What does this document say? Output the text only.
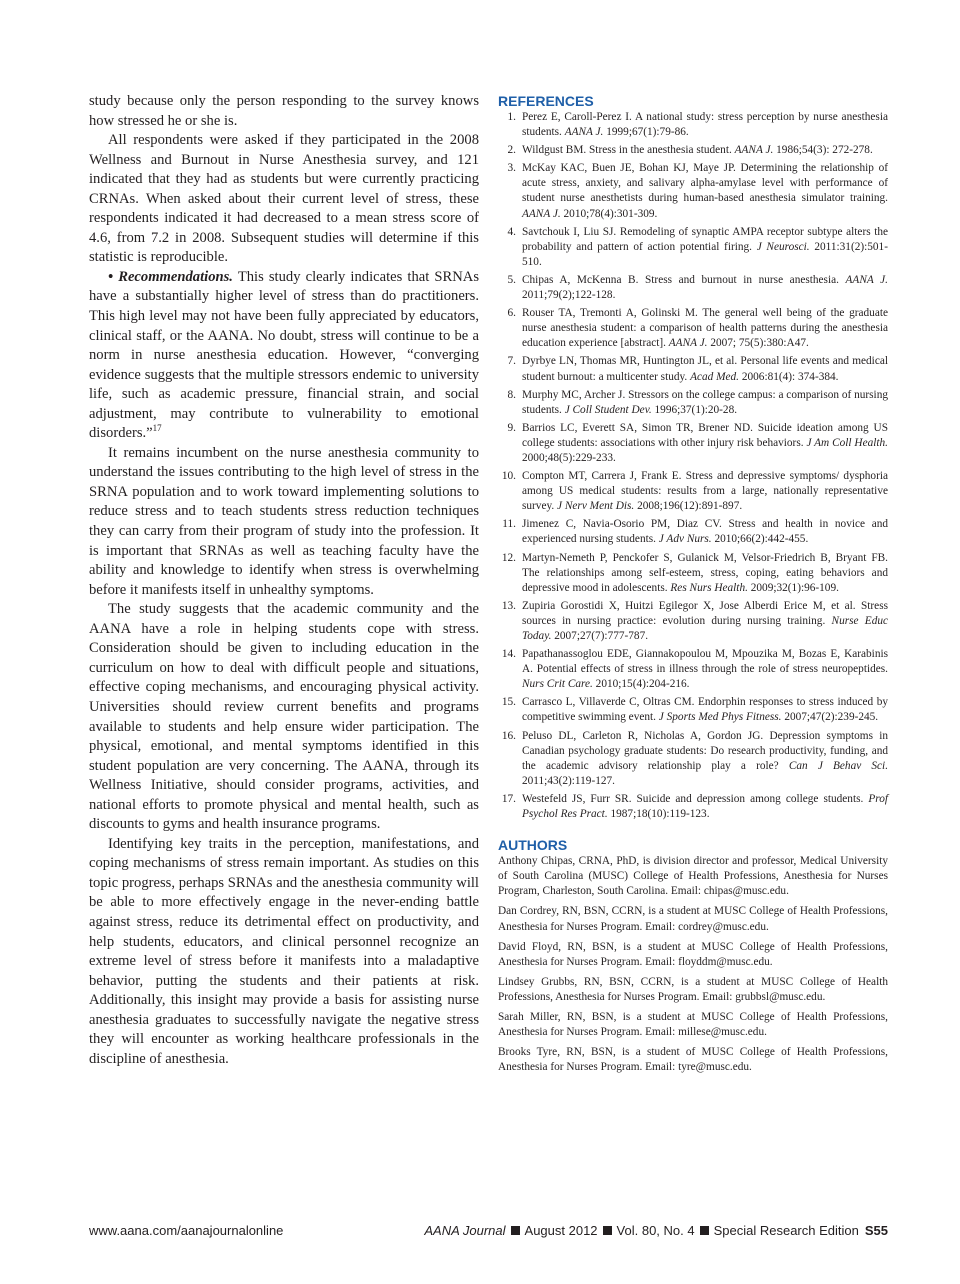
study because only the person responding to the survey knows how stressed he or she is.

All respondents were asked if they participated in the 2008 Wellness and Burnout in Nurse Anesthesia survey, and 121 indicated that they had as students but were currently practicing CRNAs. When asked about their current level of stress, these respondents indicated it had decreased to a mean stress score of 4.6, from 7.2 in 2008. Subsequent studies will determine if this statistic is reproducible.

• Recommendations. This study clearly indicates that SRNAs have a substantially higher level of stress than do practitioners. This high level may not have been fully appreciated by educators, clinical staff, or the AANA. No doubt, stress will continue to be a norm in nurse anesthesia education. However, “converging evidence suggests that the multiple stressors endemic to university life, such as academic pressure, financial strain, and social adjustment, may contribute to vulnerability to emotional disorders.”$^{17}$

It remains incumbent on the nurse anesthesia community to understand the issues contributing to the high level of stress in the SRNA population and to work toward implementing solutions to reduce stress and to teach students stress reduction techniques they can carry from their program of study into the profession. It is important that SRNAs as well as teaching faculty have the ability and knowledge to identify when stress is overwhelming before it manifests itself in unhealthy symptoms.

The study suggests that the academic community and the AANA have a role in helping students cope with stress. Consideration should be given to including education in the curriculum on how to deal with difficult people and situations, effective coping mechanisms, and encouraging physical activity. Universities should review current benefits and programs available to students and help ensure wider participation. The physical, emotional, and mental symptoms identified in this student population are very concerning. The AANA, through its Wellness Initiative, should consider programs, activities, and national efforts to promote physical and mental health, such as discounts to gyms and health insurance programs.

Identifying key traits in the perception, manifestations, and coping mechanisms of stress remain important. As studies on this topic progress, perhaps SRNAs and the anesthesia community will be able to more effectively engage in the never-ending battle against stress, reduce its detrimental effect on productivity, and help students, educators, and clinical personnel recognize an extreme level of stress before it manifests into a maladaptive behavior, putting the students and their patients at risk. Additionally, this insight may provide a basis for assisting nurse anesthesia graduates to successfully navigate the negative stress they will encounter as working healthcare professionals in the discipline of anesthesia.

REFERENCES
1. Perez E, Caroll-Perez I. A national study: stress perception by nurse anesthesia students. AANA J. 1999;67(1):79-86.
2. Wildgust BM. Stress in the anesthesia student. AANA J. 1986;54(3): 272-278.
3. McKay KAC, Buen JE, Bohan KJ, Maye JP. Determining the relationship of acute stress, anxiety, and salivary alpha-amylase level with performance of student nurse anesthetists during human-based anesthesia simulator training. AANA J. 2010;78(4):301-309.
4. Savtchouk I, Liu SJ. Remodeling of synaptic AMPA receptor subtype alters the probability and pattern of action potential firing. J Neurosci. 2011:31(2):501-510.
5. Chipas A, McKenna B. Stress and burnout in nurse anesthesia. AANA J. 2011;79(2);122-128.
6. Rouser TA, Tremonti A, Golinski M. The general well being of the graduate nurse anesthesia student: a comparison of health patterns during the anesthesia education experience [abstract]. AANA J. 2007; 75(5):380:A47.
7. Dyrbye LN, Thomas MR, Huntington JL, et al. Personal life events and medical student burnout: a multicenter study. Acad Med. 2006:81(4): 374-384.
8. Murphy MC, Archer J. Stressors on the college campus: a comparison of nursing students. J Coll Student Dev. 1996;37(1):20-28.
9. Barrios LC, Everett SA, Simon TR, Brener ND. Suicide ideation among US college students: associations with other injury risk behaviors. J Am Coll Health. 2000;48(5):229-233.
10. Compton MT, Carrera J, Frank E. Stress and depressive symptoms/ dysphoria among US medical students: results from a large, nationally representative survey. J Nerv Ment Dis. 2008;196(12):891-897.
11. Jimenez C, Navia-Osorio PM, Diaz CV. Stress and health in novice and experienced nursing students. J Adv Nurs. 2010;66(2):442-455.
12. Martyn-Nemeth P, Penckofer S, Gulanick M, Velsor-Friedrich B, Bryant FB. The relationships among self-esteem, stress, coping, eating behaviors and depressive mood in adolescents. Res Nurs Health. 2009;32(1):96-109.
13. Zupiria Gorostidi X, Huitzi Egilegor X, Jose Alberdi Erice M, et al. Stress sources in nursing practice: evolution during nursing training. Nurse Educ Today. 2007;27(7):777-787.
14. Papathanassoglou EDE, Giannakopoulou M, Mpouzika M, Bozas E, Karabinis A. Potential effects of stress in illness through the role of stress neuropeptides. Nurs Crit Care. 2010;15(4):204-216.
15. Carrasco L, Villaverde C, Oltras CM. Endorphin responses to stress induced by competitive swimming event. J Sports Med Phys Fitness. 2007;47(2):239-245.
16. Peluso DL, Carleton R, Nicholas A, Gordon JG. Depression symptoms in Canadian psychology graduate students: Do research productivity, funding, and the academic advisory relationship play a role? Can J Behav Sci. 2011;43(2):119-127.
17. Westefeld JS, Furr SR. Suicide and depression among college students. Prof Psychol Res Pract. 1987;18(10):119-123.
AUTHORS

Anthony Chipas, CRNA, PhD, is division director and professor, Medical University of South Carolina (MUSC) College of Health Professions, Anesthesia for Nurses Program, Charleston, South Carolina. Email: chipas@musc.edu.

Dan Cordrey, RN, BSN, CCRN, is a student at MUSC College of Health Professions, Anesthesia for Nurses Program. Email: cordrey@musc.edu.

David Floyd, RN, BSN, is a student at MUSC College of Health Professions, Anesthesia for Nurses Program. Email: floyddm@musc.edu.

Lindsey Grubbs, RN, BSN, CCRN, is a student at MUSC College of Health Professions, Anesthesia for Nurses Program. Email: grubbsl@musc.edu.

Sarah Miller, RN, BSN, is a student at MUSC College of Health Professions, Anesthesia for Nurses Program. Email: millese@musc.edu.

Brooks Tyre, RN, BSN, is a student of MUSC College of Health Professions, Anesthesia for Nurses Program. Email: tyre@musc.edu.

www.aana.com/aanajournalonline	AANA Journal August 2012 Vol. 80, No. 4 Special Research Edition S55
